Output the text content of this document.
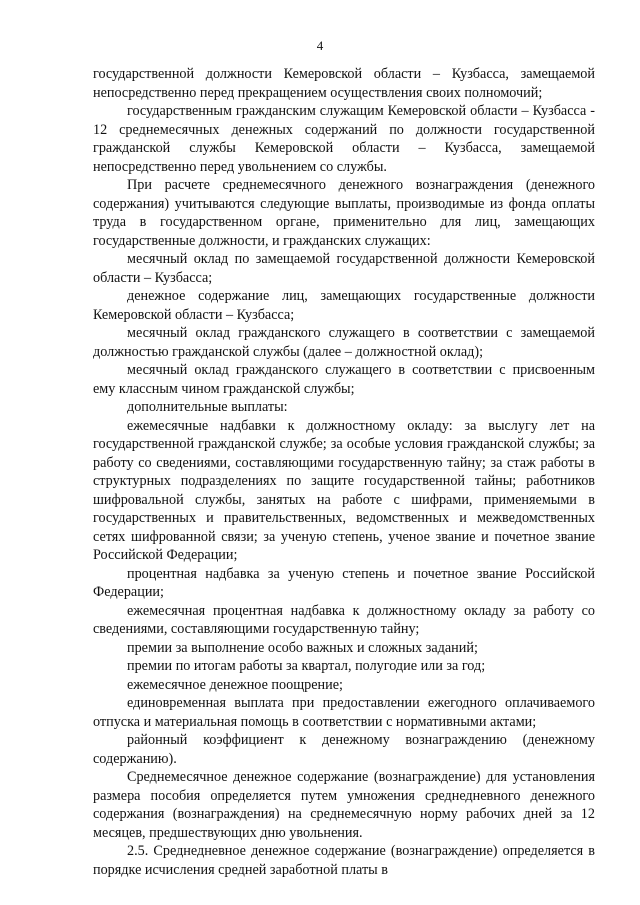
4

государственной должности Кемеровской области – Кузбасса, замещаемой непосредственно перед прекращением осуществления своих полномочий;

государственным гражданским служащим Кемеровской области – Кузбасса - 12 среднемесячных денежных содержаний по должности государственной гражданской службы Кемеровской области – Кузбасса, замещаемой непосредственно перед увольнением со службы.

При расчете среднемесячного денежного вознаграждения (денежного содержания) учитываются следующие выплаты, производимые из фонда оплаты труда в государственном органе, применительно для лиц, замещающих государственные должности, и гражданских служащих:

месячный оклад по замещаемой государственной должности Кемеровской области – Кузбасса;

денежное содержание лиц, замещающих государственные должности Кемеровской области – Кузбасса;

месячный оклад гражданского служащего в соответствии с замещаемой должностью гражданской службы (далее – должностной оклад);

месячный оклад гражданского служащего в соответствии с присвоенным ему классным чином гражданской службы;

дополнительные выплаты:

ежемесячные надбавки к должностному окладу: за выслугу лет на государственной гражданской службе; за особые условия гражданской службы; за работу со сведениями, составляющими государственную тайну; за стаж работы в структурных подразделениях по защите государственной тайны; работников шифровальной службы, занятых на работе с шифрами, применяемыми в государственных и правительственных, ведомственных и межведомственных сетях шифрованной связи; за ученую степень, ученое звание и почетное звание Российской Федерации;

процентная надбавка за ученую степень и почетное звание Российской Федерации;

ежемесячная процентная надбавка к должностному окладу за работу со сведениями, составляющими государственную тайну;

премии за выполнение особо важных и сложных заданий;

премии по итогам работы за квартал, полугодие или за год;

ежемесячное денежное поощрение;

единовременная выплата при предоставлении ежегодного оплачиваемого отпуска и материальная помощь в соответствии с нормативными актами;

районный коэффициент к денежному вознаграждению (денежному содержанию).

Среднемесячное денежное содержание (вознаграждение) для установления размера пособия определяется путем умножения среднедневного денежного содержания (вознаграждения) на среднемесячную норму рабочих дней за 12 месяцев, предшествующих дню увольнения.

2.5. Среднедневное денежное содержание (вознаграждение) определяется в порядке исчисления средней заработной платы в
